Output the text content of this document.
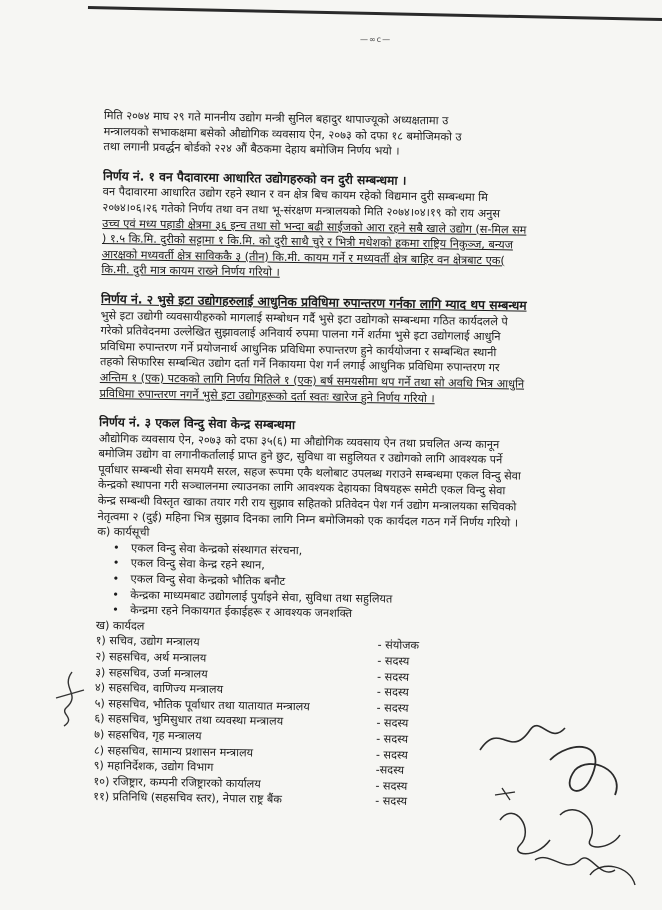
—∞c—
मिति २०७४ माघ २९ गते माननीय उद्योग मन्त्री सुनिल बहादुर थापाज्यूको अध्यक्षतामा उ
मन्त्रालयको सभाकक्षमा बसेको औद्योगिक व्यवसाय ऐन, २०७३ को दफा १८ बमोजिमको उ
तथा लगानी प्रवर्द्धन बोर्डको २२४ औं बैठकमा देहाय बमोजिम निर्णय भयो ।
निर्णय नं. १ वन पैदावारमा आधारित उद्योगहरुको वन दुरी सम्बन्धमा ।
वन पैदावारमा आधारित उद्योग रहने स्थान र वन क्षेत्र बिच कायम रहेको विद्यमान दुरी सम्बन्धमा मि
२०७४।०६।२६ गतेको निर्णय तथा वन तथा भू-संरक्षण मन्त्रालयको मिति २०७४।०४।१९ को राय अनुस
उच्च एवं मध्य पहाडी क्षेत्रमा ३६ इन्च तथा सो भन्दा बढी साईजको आरा रहने सबै खाले उद्योग (स-मिल सम
) १.५ कि.मि. दुरीको सट्टामा १ कि.मि. को दुरी साथै चुरे र भित्री मधेशको हकमा राष्ट्रिय निकुञ्ज, बन्यज
आरक्षको मध्यवर्ती क्षेत्र साविककै ३ (तीन) कि.मी. कायम गर्ने र मध्यवर्ती क्षेत्र बाहिर वन क्षेत्रबाट एक(
कि.मी. दुरी मात्र कायम राख्ने निर्णय गरियो ।
निर्णय नं. २ भुसे इटा उद्योगहरुलाई आधुनिक प्रविधिमा रुपान्तरण गर्नका लागि म्याद थप सम्बन्धम
भुसे इटा उद्योगी व्यवसायीहरुको मागलाई सम्बोधन गर्दै भुसे इटा उद्योगको सम्बन्धमा गठित कार्यदलले पे
गरेको प्रतिवेदनमा उल्लेखित सुझावलाई अनिवार्य रुपमा पालना गर्ने शर्तमा भुसे इटा उद्योगलाई आधुनि
प्रविधिमा रुपान्तरण गर्ने प्रयोजनार्थ आधुनिक प्रविधिमा रुपान्तरण हुने कार्ययोजना र सम्बन्धित स्थानी
तहको सिफारिस सम्बन्धित उद्योग दर्ता गर्ने निकायमा पेश गर्न लगाई आधुनिक प्रविधिमा रुपान्तरण गर
अन्तिम १ (एक) पटकको लागि निर्णय मितिले १ (एक) बर्ष समयसीमा थप गर्ने तथा सो अवधि भित्र आधुनि
प्रविधिमा रुपान्तरण नगर्ने भुसे इटा उद्योगहरूको दर्ता स्वतः खारेज हुने निर्णय गरियो ।
निर्णय नं. ३ एकल विन्दु सेवा केन्द्र सम्बन्धमा
औद्योगिक व्यवसाय ऐन, २०७३ को दफा ३५(६) मा औद्योगिक व्यवसाय ऐन तथा प्रचलित अन्य कानून
बमोजिम उद्योग वा लगानीकर्तालाई प्राप्त हुने छुट, सुविधा वा सहुलियत र उद्योगको लागि आवश्यक पर्ने
पूर्वाधार सम्बन्धी सेवा समयमै सरल, सहज रूपमा एकै थलोबाट उपलब्ध गराउने सम्बन्धमा एकल विन्दु सेवा
केन्द्रको स्थापना गरी सञ्चालनमा ल्याउनका लागि आवश्यक देहायका विषयहरू समेटी एकल विन्दु सेवा
केन्द्र सम्बन्धी विस्तृत खाका तयार गरी राय सुझाव सहितको प्रतिवेदन पेश गर्न उद्योग मन्त्रालयका सचिवको
नेतृत्वमा २ (दुई) महिना भित्र सुझाव दिनका लागि निम्न बमोजिमको एक कार्यदल गठन गर्ने निर्णय गरियो ।
क) कार्यसूची
• एकल विन्दु सेवा केन्द्रको संस्थागत संरचना,
• एकल विन्दु सेवा केन्द्र रहने स्थान,
• एकल विन्दु सेवा केन्द्रको भौतिक बनौट
• केन्द्रका माध्यमबाट उद्योगलाई पुर्याइने सेवा, सुविधा तथा सहुलियत
• केन्द्रमा रहने निकायगत ईकाईहरू र आवश्यक जनशक्ति
ख) कार्यदल
१) सचिव, उद्योग मन्त्रालय	- संयोजक
२) सहसचिव, अर्थ मन्त्रालय	- सदस्य
३) सहसचिव, उर्जा मन्त्रालय	- सदस्य
४) सहसचिव, वाणिज्य मन्त्रालय	- सदस्य
५) सहसचिव, भौतिक पूर्वाधार तथा यातायात मन्त्रालय	- सदस्य
६) सहसचिव, भुमिसुधार तथा व्यवस्था मन्त्रालय	- सदस्य
७) सहसचिव, गृह मन्त्रालय	- सदस्य
८) सहसचिव, सामान्य प्रशासन मन्त्रालय	- सदस्य
९) महानिर्देशक, उद्योग विभाग	-सदस्य
१०) रजिष्ट्रार, कम्पनी रजिष्ट्रारको कार्यालय	- सदस्य
११) प्रतिनिधि (सहसचिव स्तर), नेपाल राष्ट्र बैंक	- सदस्य
